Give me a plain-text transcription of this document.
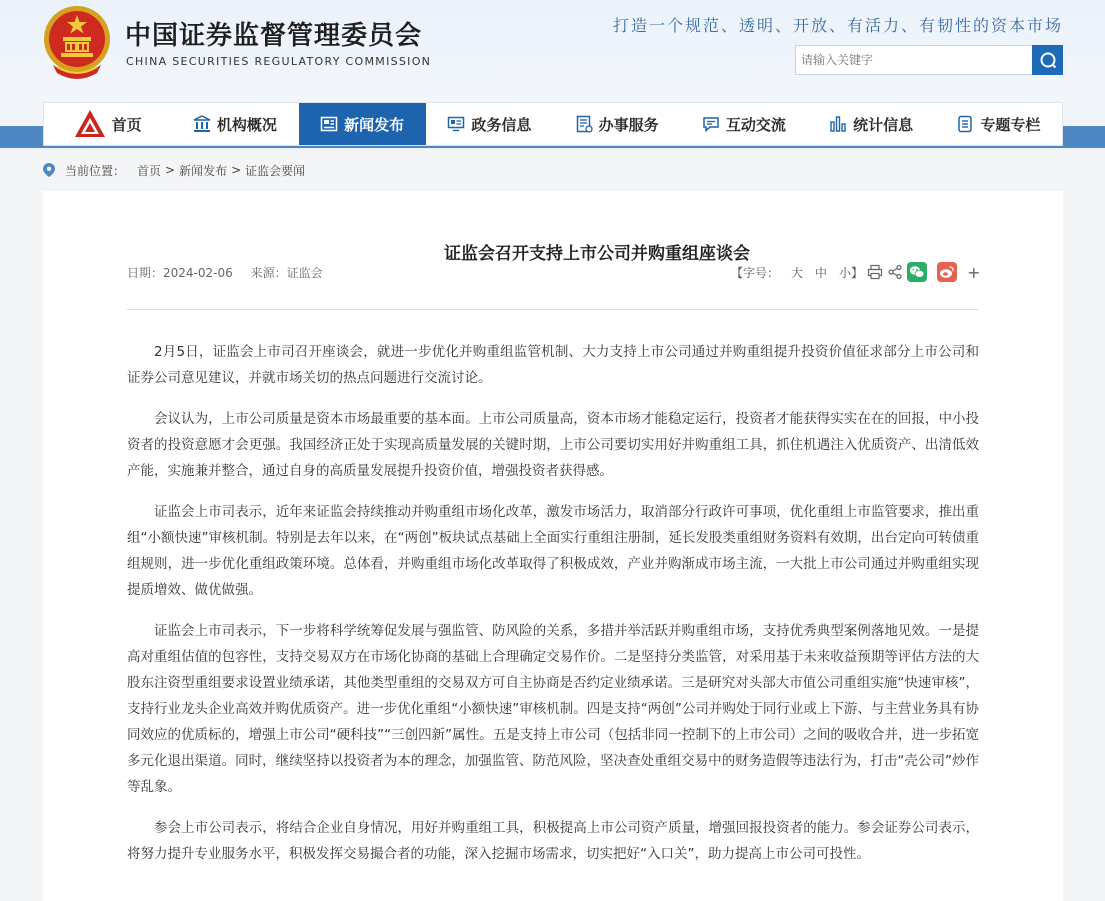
中国证券监督管理委员会
CHINA SECURITIES REGULATORY COMMISSION
打造一个规范、透明、开放、有活力、有韧性的资本市场
请输入关键字
首页	机构概况	新闻发布	政务信息	办事服务	互动交流	统计信息	专题专栏
当前位置： 首页 > 新闻发布 > 证监会要闻
证监会召开支持上市公司并购重组座谈会
日期：2024-02-06 来源：证监会	【字号： 大 中 小】	+

2月5日，证监会上市司召开座谈会，就进一步优化并购重组监管机制、大力支持上市公司通过并购重组提升投资价值征求部分上市公司和证券公司意见建议，并就市场关切的热点问题进行交流讨论。

会议认为，上市公司质量是资本市场最重要的基本面。上市公司质量高，资本市场才能稳定运行，投资者才能获得实实在在的回报，中小投资者的投资意愿才会更强。我国经济正处于实现高质量发展的关键时期，上市公司要切实用好并购重组工具，抓住机遇注入优质资产、出清低效产能，实施兼并整合，通过自身的高质量发展提升投资价值，增强投资者获得感。

证监会上市司表示，近年来证监会持续推动并购重组市场化改革，激发市场活力，取消部分行政许可事项，优化重组上市监管要求，推出重组“小额快速”审核机制。特别是去年以来，在“两创”板块试点基础上全面实行重组注册制，延长发股类重组财务资料有效期，出台定向可转债重组规则，进一步优化重组政策环境。总体看，并购重组市场化改革取得了积极成效，产业并购渐成市场主流，一大批上市公司通过并购重组实现提质增效、做优做强。

证监会上市司表示，下一步将科学统筹促发展与强监管、防风险的关系，多措并举活跃并购重组市场，支持优秀典型案例落地见效。一是提高对重组估值的包容性，支持交易双方在市场化协商的基础上合理确定交易作价。二是坚持分类监管，对采用基于未来收益预期等评估方法的大股东注资型重组要求设置业绩承诺，其他类型重组的交易双方可自主协商是否约定业绩承诺。三是研究对头部大市值公司重组实施“快速审核”，支持行业龙头企业高效并购优质资产。进一步优化重组“小额快速”审核机制。四是支持“两创”公司并购处于同行业或上下游、与主营业务具有协同效应的优质标的，增强上市公司“硬科技”“三创四新”属性。五是支持上市公司（包括非同一控制下的上市公司）之间的吸收合并，进一步拓宽多元化退出渠道。同时，继续坚持以投资者为本的理念，加强监管、防范风险，坚决查处重组交易中的财务造假等违法行为，打击“壳公司”炒作等乱象。

参会上市公司表示，将结合企业自身情况，用好并购重组工具，积极提高上市公司资产质量，增强回报投资者的能力。参会证券公司表示，将努力提升专业服务水平，积极发挥交易撮合者的功能，深入挖掘市场需求，切实把好“入口关”，助力提高上市公司可投性。
